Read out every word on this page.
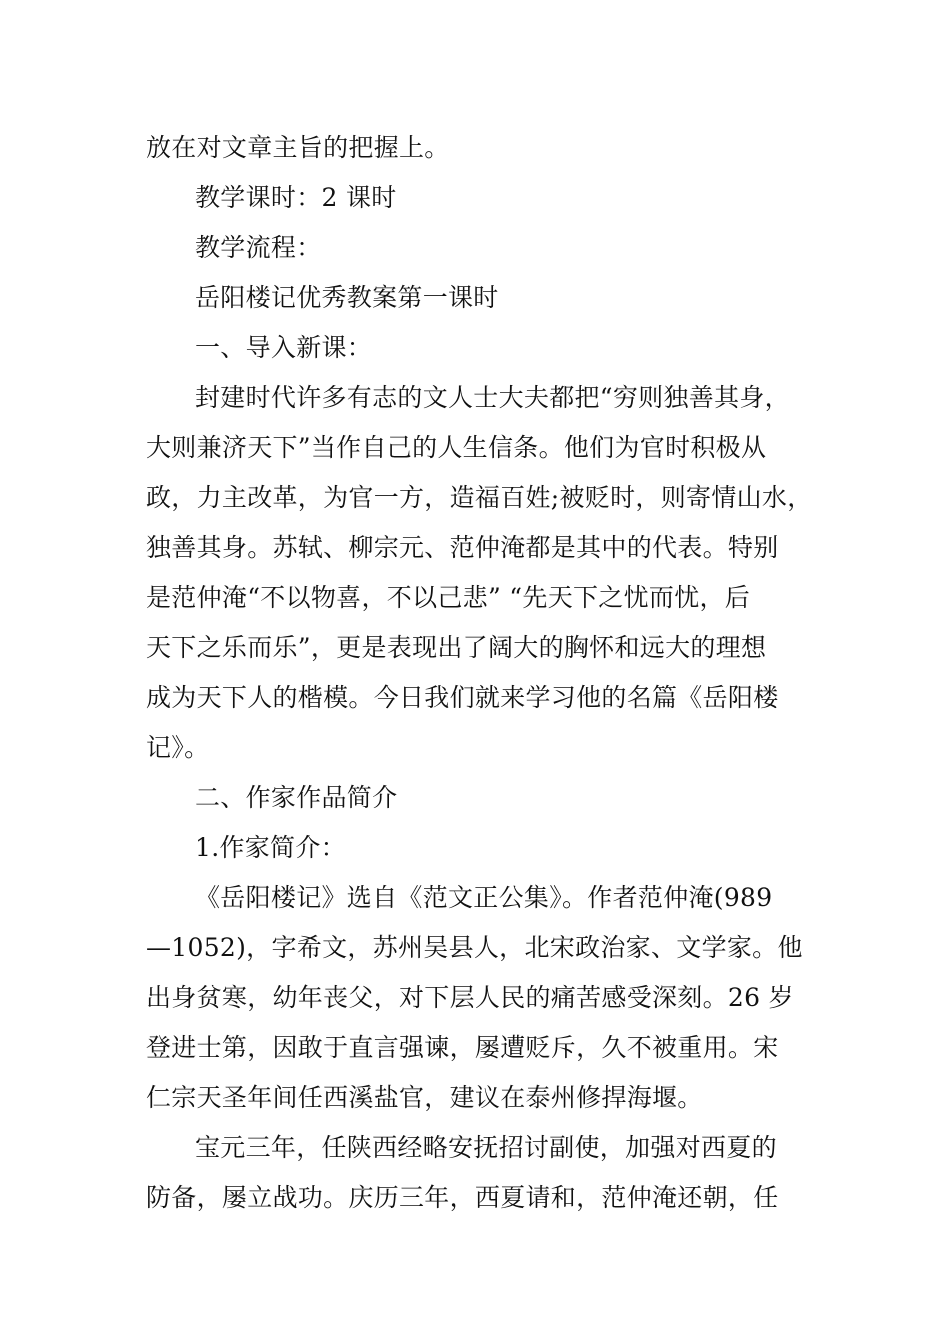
放在对文章主旨的把握上。
教学课时：2 课时
教学流程：
岳阳楼记优秀教案第一课时
一、导入新课：
封建时代许多有志的文人士大夫都把“穷则独善其身，
大则兼济天下”当作自己的人生信条。他们为官时积极从
政，力主改革，为官一方，造福百姓;被贬时，则寄情山水，
独善其身。苏轼、柳宗元、范仲淹都是其中的代表。特别
是范仲淹“不以物喜，不以己悲” “先天下之忧而忧，后
天下之乐而乐”，更是表现出了阔大的胸怀和远大的理想
成为天下人的楷模。今日我们就来学习他的名篇《岳阳楼
记》。
二、作家作品简介
1.作家简介：
《岳阳楼记》选自《范文正公集》。作者范仲淹(989
—1052)，字希文，苏州吴县人，北宋政治家、文学家。他
出身贫寒，幼年丧父，对下层人民的痛苦感受深刻。26 岁
登进士第，因敢于直言强谏，屡遭贬斥，久不被重用。宋
仁宗天圣年间任西溪盐官，建议在泰州修捍海堰。
宝元三年，任陕西经略安抚招讨副使，加强对西夏的
防备，屡立战功。庆历三年，西夏请和，范仲淹还朝，任
